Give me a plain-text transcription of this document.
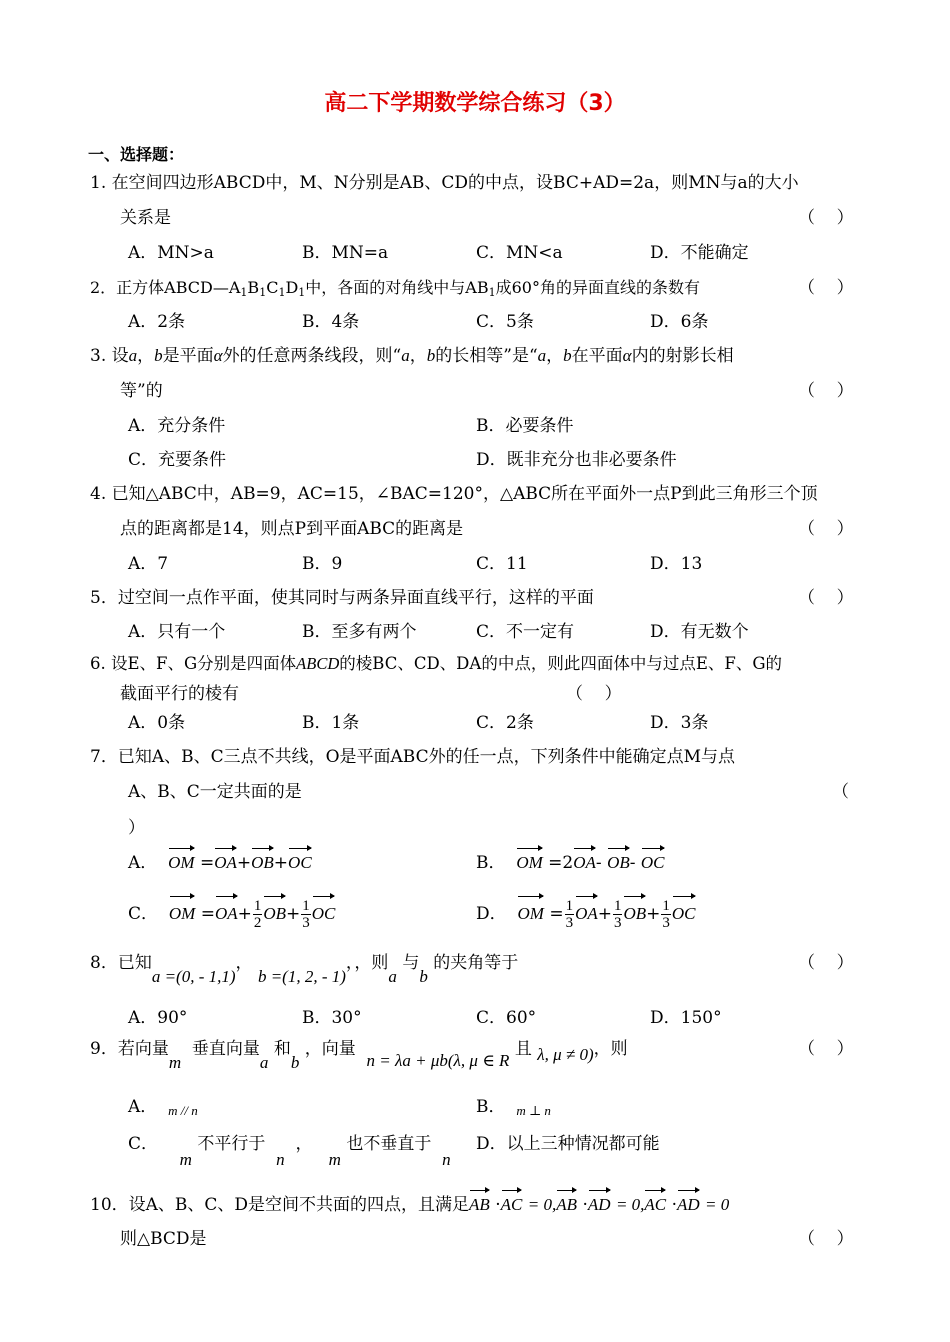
高二下学期数学综合练习（3）
一、选择题：
1. 在空间四边形ABCD中，M、N分别是AB、CD的中点，设BC+AD=2a，则MN与a的大小
关系是	（    ）
A．MN>a	B．MN=a	C．MN<a	D．不能确定
2．正方体$ABCD—A_1B_1C_1D_1$中，各面的对角线中与$AB_1$成60°角的异面直线的条数有	（    ）
A．2条	B．4条	C．5条	D．6条
3. 设a，b是平面α外的任意两条线段，则“a，b的长相等”是“a，b在平面α内的射影长相
等”的	（    ）
A．充分条件	B．必要条件
C．充要条件	D．既非充分也非必要条件
4. 已知△ABC中，AB=9，AC=15，∠BAC=120°，△ABC所在平面外一点P到此三角形三个顶
点的距离都是14，则点P到平面ABC的距离是	（    ）
A．7	B．9	C．11	D．13
5．过空间一点作平面，使其同时与两条异面直线平行，这样的平面	（    ）
A．只有一个	B．至多有两个	C．不一定有	D．有无数个
6. 设E、F、G分别是四面体ABCD的棱BC、CD、DA的中点，则此四面体中与过点E、F、G的
截面平行的棱有	（    ）
A．0条	B．1条	C．2条	D．3条
7．已知A、B、C三点不共线，O是平面ABC外的任一点，下列条件中能确定点M与点
A、B、C一定共面的是	（
）
A． OM =OA+OB+OC	B． OM =2OA- OB- OC
C． OM $=OA+ \frac{1}{2} OB+ \frac{1}{3}$ OC	D． OM = $\frac{1}{3} OA+ \frac{1}{3} OB+ \frac{1}{3}$ OC
8．已知a =(0, - 1,1)， b =(1, 2, - 1)，，则a 与b 的夹角等于	（    ）
A．90°	B．30°	C．60°	D．150°
9．若向量m  垂直向量a 和b ，向量  n = λa + μb(λ, μ ∈ R 且 λ, μ ≠ 0)，则	（    ）
A． m // n	B． m ⊥ n
C．    m 不平行于  n  ，   m 也不垂直于  n
D．以上三种情况都可能
10．设A、B、C、D是空间不共面的四点，且满足AB ·AC = 0,AB ·AD = 0,AC ·AD = 0
则△BCD是	（    ）
